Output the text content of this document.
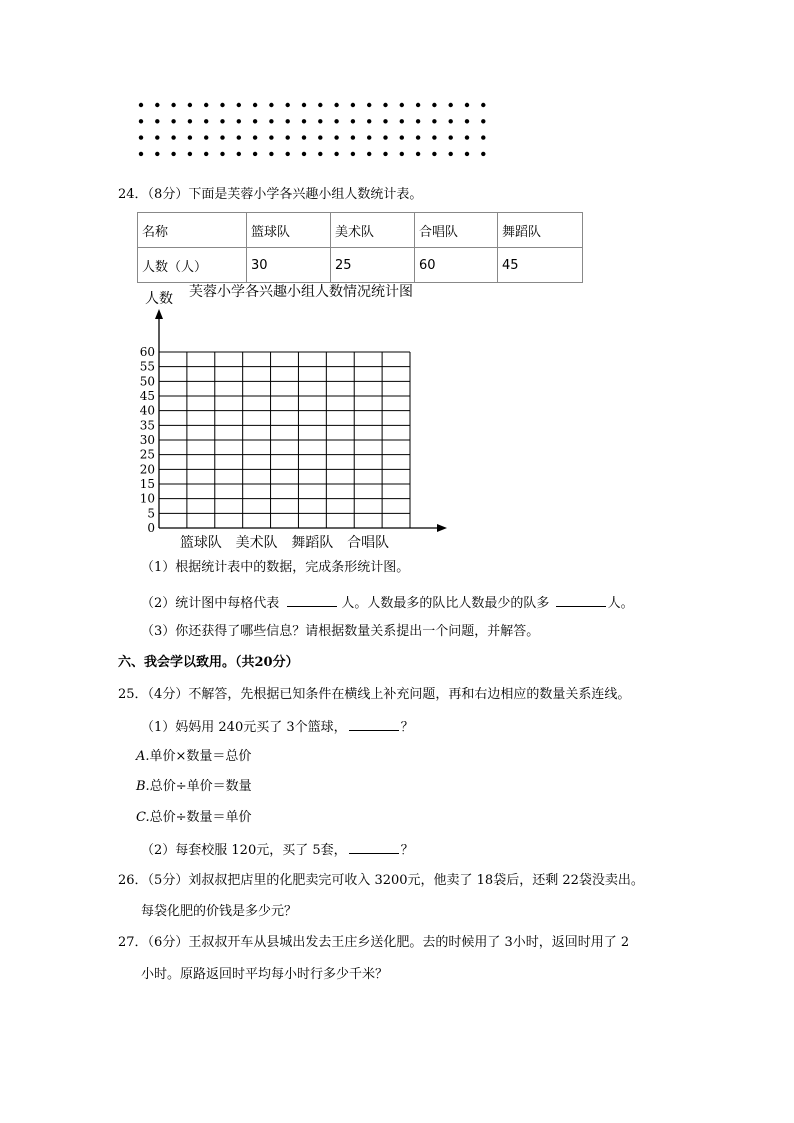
24．（8分）下面是芙蓉小学各兴趣小组人数统计表。
名称	篮球队	美术队	合唱队	舞蹈队
人数（人）	30	25	60	45
芙蓉小学各兴趣小组人数情况统计图
人数
0
5
10
15
20
25
30
35
40
45
50
55
60
篮球队 美术队 舞蹈队 合唱队
（1）根据统计表中的数据，完成条形统计图。
（2）统计图中每格代表	人。人数最多的队比人数最少的队多	人。
（3）你还获得了哪些信息？请根据数量关系提出一个问题，并解答。
六、我会学以致用。（共20分）
25．（4分）不解答，先根据已知条件在横线上补充问题，再和右边相应的数量关系连线。
（1）妈妈用 240元买了 3个篮球，	？
A.单价×数量＝总价
B.总价÷单价＝数量
C.总价÷数量＝单价
（2）每套校服 120元，买了 5套，	？
26．（5分）刘叔叔把店里的化肥卖完可收入 3200元，他卖了 18袋后，还剩 22袋没卖出。
每袋化肥的价钱是多少元？
27．（6分）王叔叔开车从县城出发去王庄乡送化肥。去的时候用了 3小时，返回时用了 2
小时。原路返回时平均每小时行多少千米？
